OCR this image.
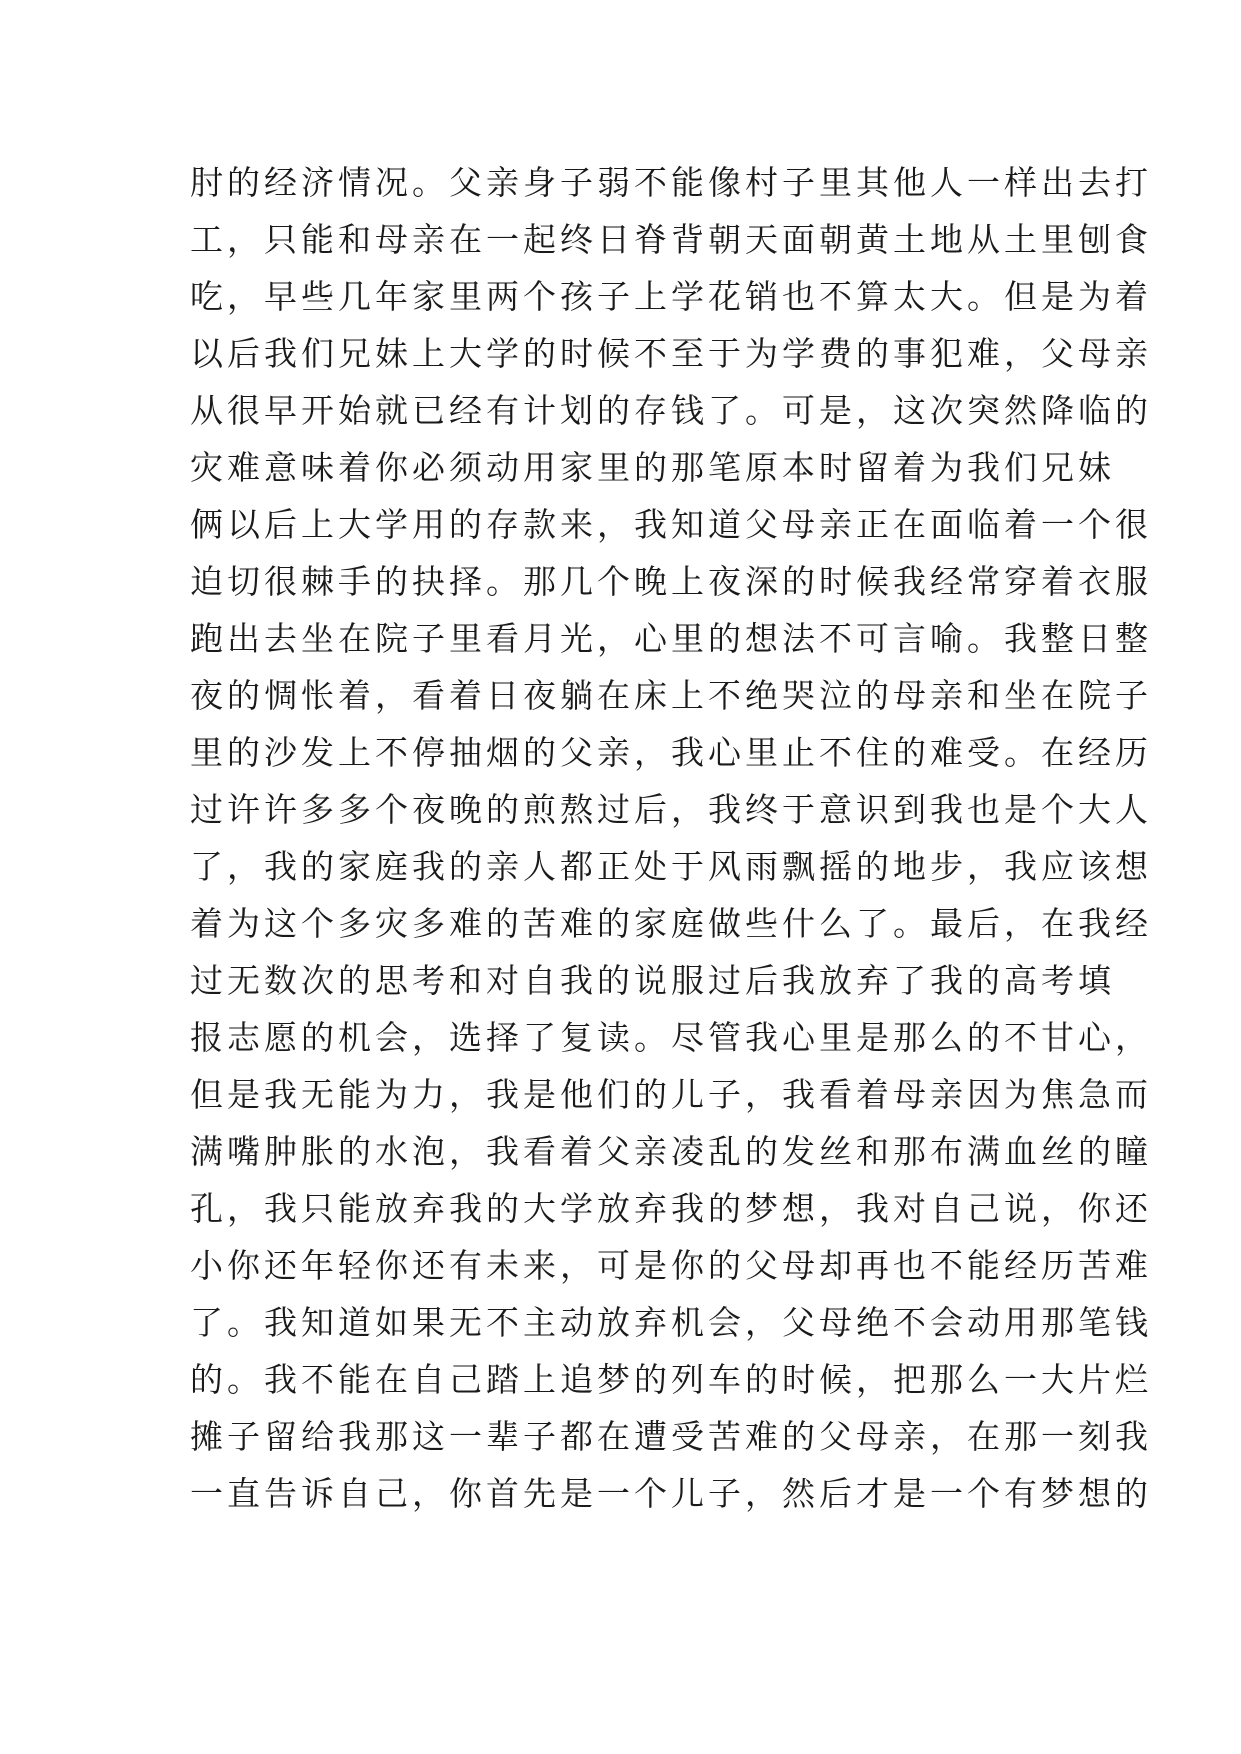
肘的经济情况。父亲身子弱不能像村子里其他人一样出去打
工，只能和母亲在一起终日脊背朝天面朝黄土地从土里刨食
吃，早些几年家里两个孩子上学花销也不算太大。但是为着
以后我们兄妹上大学的时候不至于为学费的事犯难，父母亲
从很早开始就已经有计划的存钱了。可是，这次突然降临的
灾难意味着你必须动用家里的那笔原本时留着为我们兄妹
俩以后上大学用的存款来，我知道父母亲正在面临着一个很
迫切很棘手的抉择。那几个晚上夜深的时候我经常穿着衣服
跑出去坐在院子里看月光，心里的想法不可言喻。我整日整
夜的惆怅着，看着日夜躺在床上不绝哭泣的母亲和坐在院子
里的沙发上不停抽烟的父亲，我心里止不住的难受。在经历
过许许多多个夜晚的煎熬过后，我终于意识到我也是个大人
了，我的家庭我的亲人都正处于风雨飘摇的地步，我应该想
着为这个多灾多难的苦难的家庭做些什么了。最后，在我经
过无数次的思考和对自我的说服过后我放弃了我的高考填
报志愿的机会，选择了复读。尽管我心里是那么的不甘心，
但是我无能为力，我是他们的儿子，我看着母亲因为焦急而
满嘴肿胀的水泡，我看着父亲凌乱的发丝和那布满血丝的瞳
孔，我只能放弃我的大学放弃我的梦想，我对自己说，你还
小你还年轻你还有未来，可是你的父母却再也不能经历苦难
了。我知道如果无不主动放弃机会，父母绝不会动用那笔钱
的。我不能在自己踏上追梦的列车的时候，把那么一大片烂
摊子留给我那这一辈子都在遭受苦难的父母亲，在那一刻我
一直告诉自己，你首先是一个儿子，然后才是一个有梦想的
